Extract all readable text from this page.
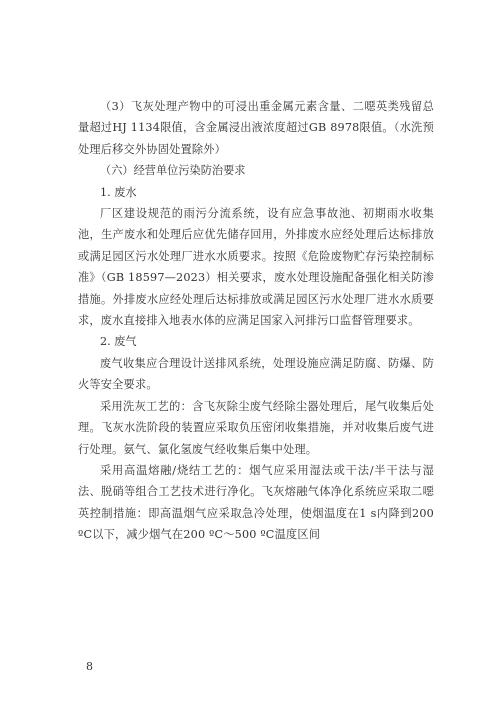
（3）飞灰处理产物中的可浸出重金属元素含量、二噁英类残留总量超过HJ 1134限值，含金属浸出液浓度超过GB 8978限值。（水洗预处理后移交外协固处置除外）

（六）经营单位污染防治要求

1. 废水

厂区建设规范的雨污分流系统，设有应急事故池、初期雨水收集池，生产废水和处理后应优先储存回用，外排废水应经处理后达标排放或满足园区污水处理厂进水水质要求。按照《危险废物贮存污染控制标准》（GB 18597—2023）相关要求，废水处理设施配备强化相关防渗措施。外排废水应经处理后达标排放或满足园区污水处理厂进水水质要求，废水直接排入地表水体的应满足国家入河排污口监督管理要求。

2. 废气

废气收集应合理设计送排风系统，处理设施应满足防腐、防爆、防火等安全要求。

采用洗灰工艺的：含飞灰除尘废气经除尘器处理后，尾气收集后处理。飞灰水洗阶段的装置应采取负压密闭收集措施，并对收集后废气进行处理。氨气、氯化氢废气经收集后集中处理。

采用高温熔融/烧结工艺的：烟气应采用湿法或干法/半干法与湿法、脱硝等组合工艺技术进行净化。飞灰熔融气体净化系统应采取二噁英控制措施：即高温烟气应采取急冷处理，使烟温度在1 s内降到200 ºC以下，减少烟气在200 ºC～500 ºC温度区间

8
